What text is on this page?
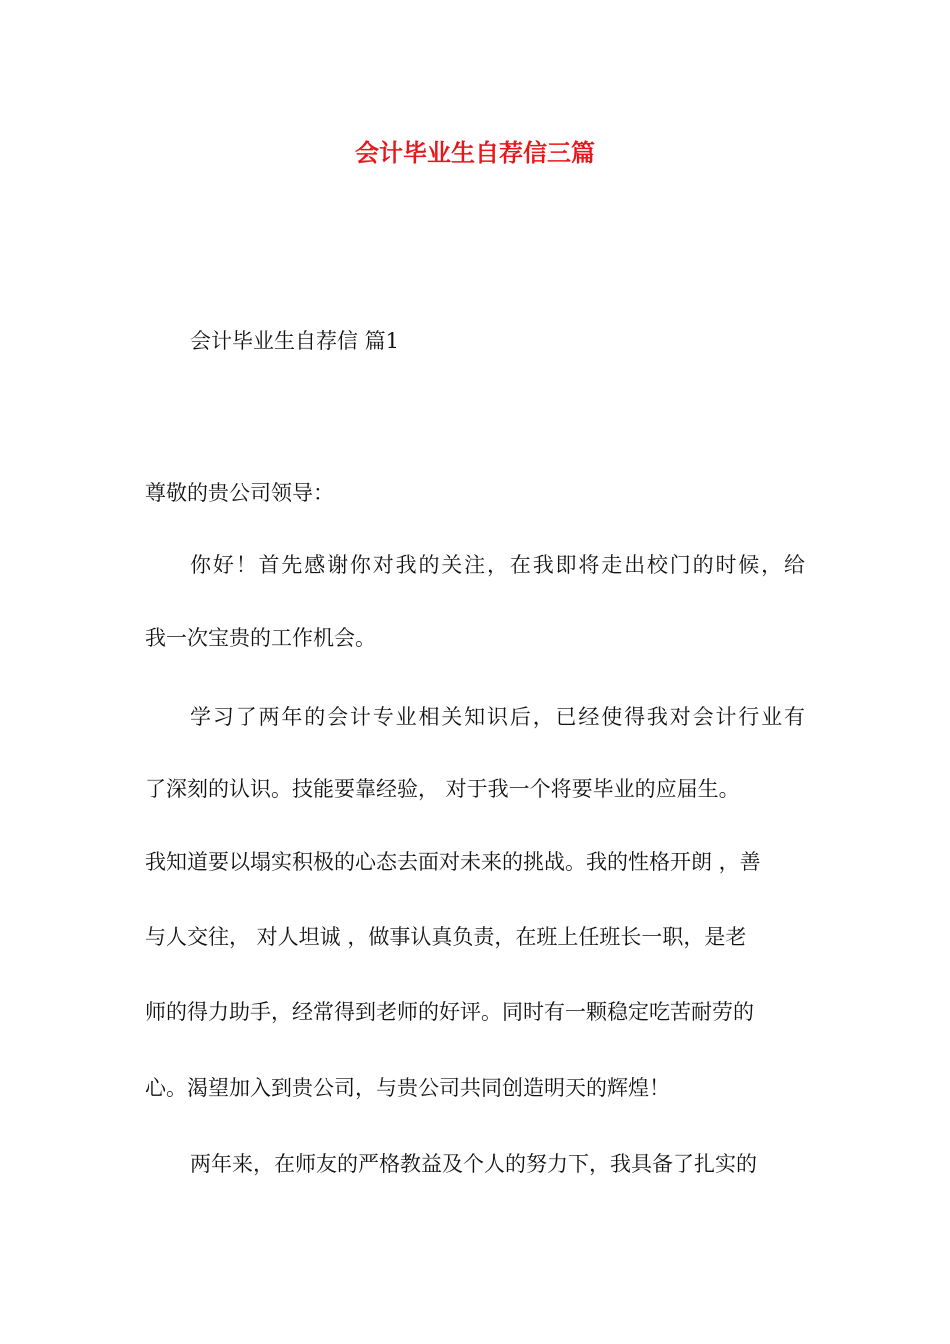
会计毕业生自荐信三篇
会计毕业生自荐信 篇1
尊敬的贵公司领导：
你好！首先感谢你对我的关注，在我即将走出校门的时候，给
我一次宝贵的工作机会。
学习了两年的会计专业相关知识后，已经使得我对会计行业有
了深刻的认识。技能要靠经验， 对于我一个将要毕业的应届生。
我知道要以塌实积极的心态去面对未来的挑战。我的性格开朗 ，善
与人交往， 对人坦诚 ，做事认真负责，在班上任班长一职，是老
师的得力助手，经常得到老师的好评。同时有一颗稳定吃苦耐劳的
心。渴望加入到贵公司，与贵公司共同创造明天的辉煌！
两年来，在师友的严格教益及个人的努力下，我具备了扎实的
